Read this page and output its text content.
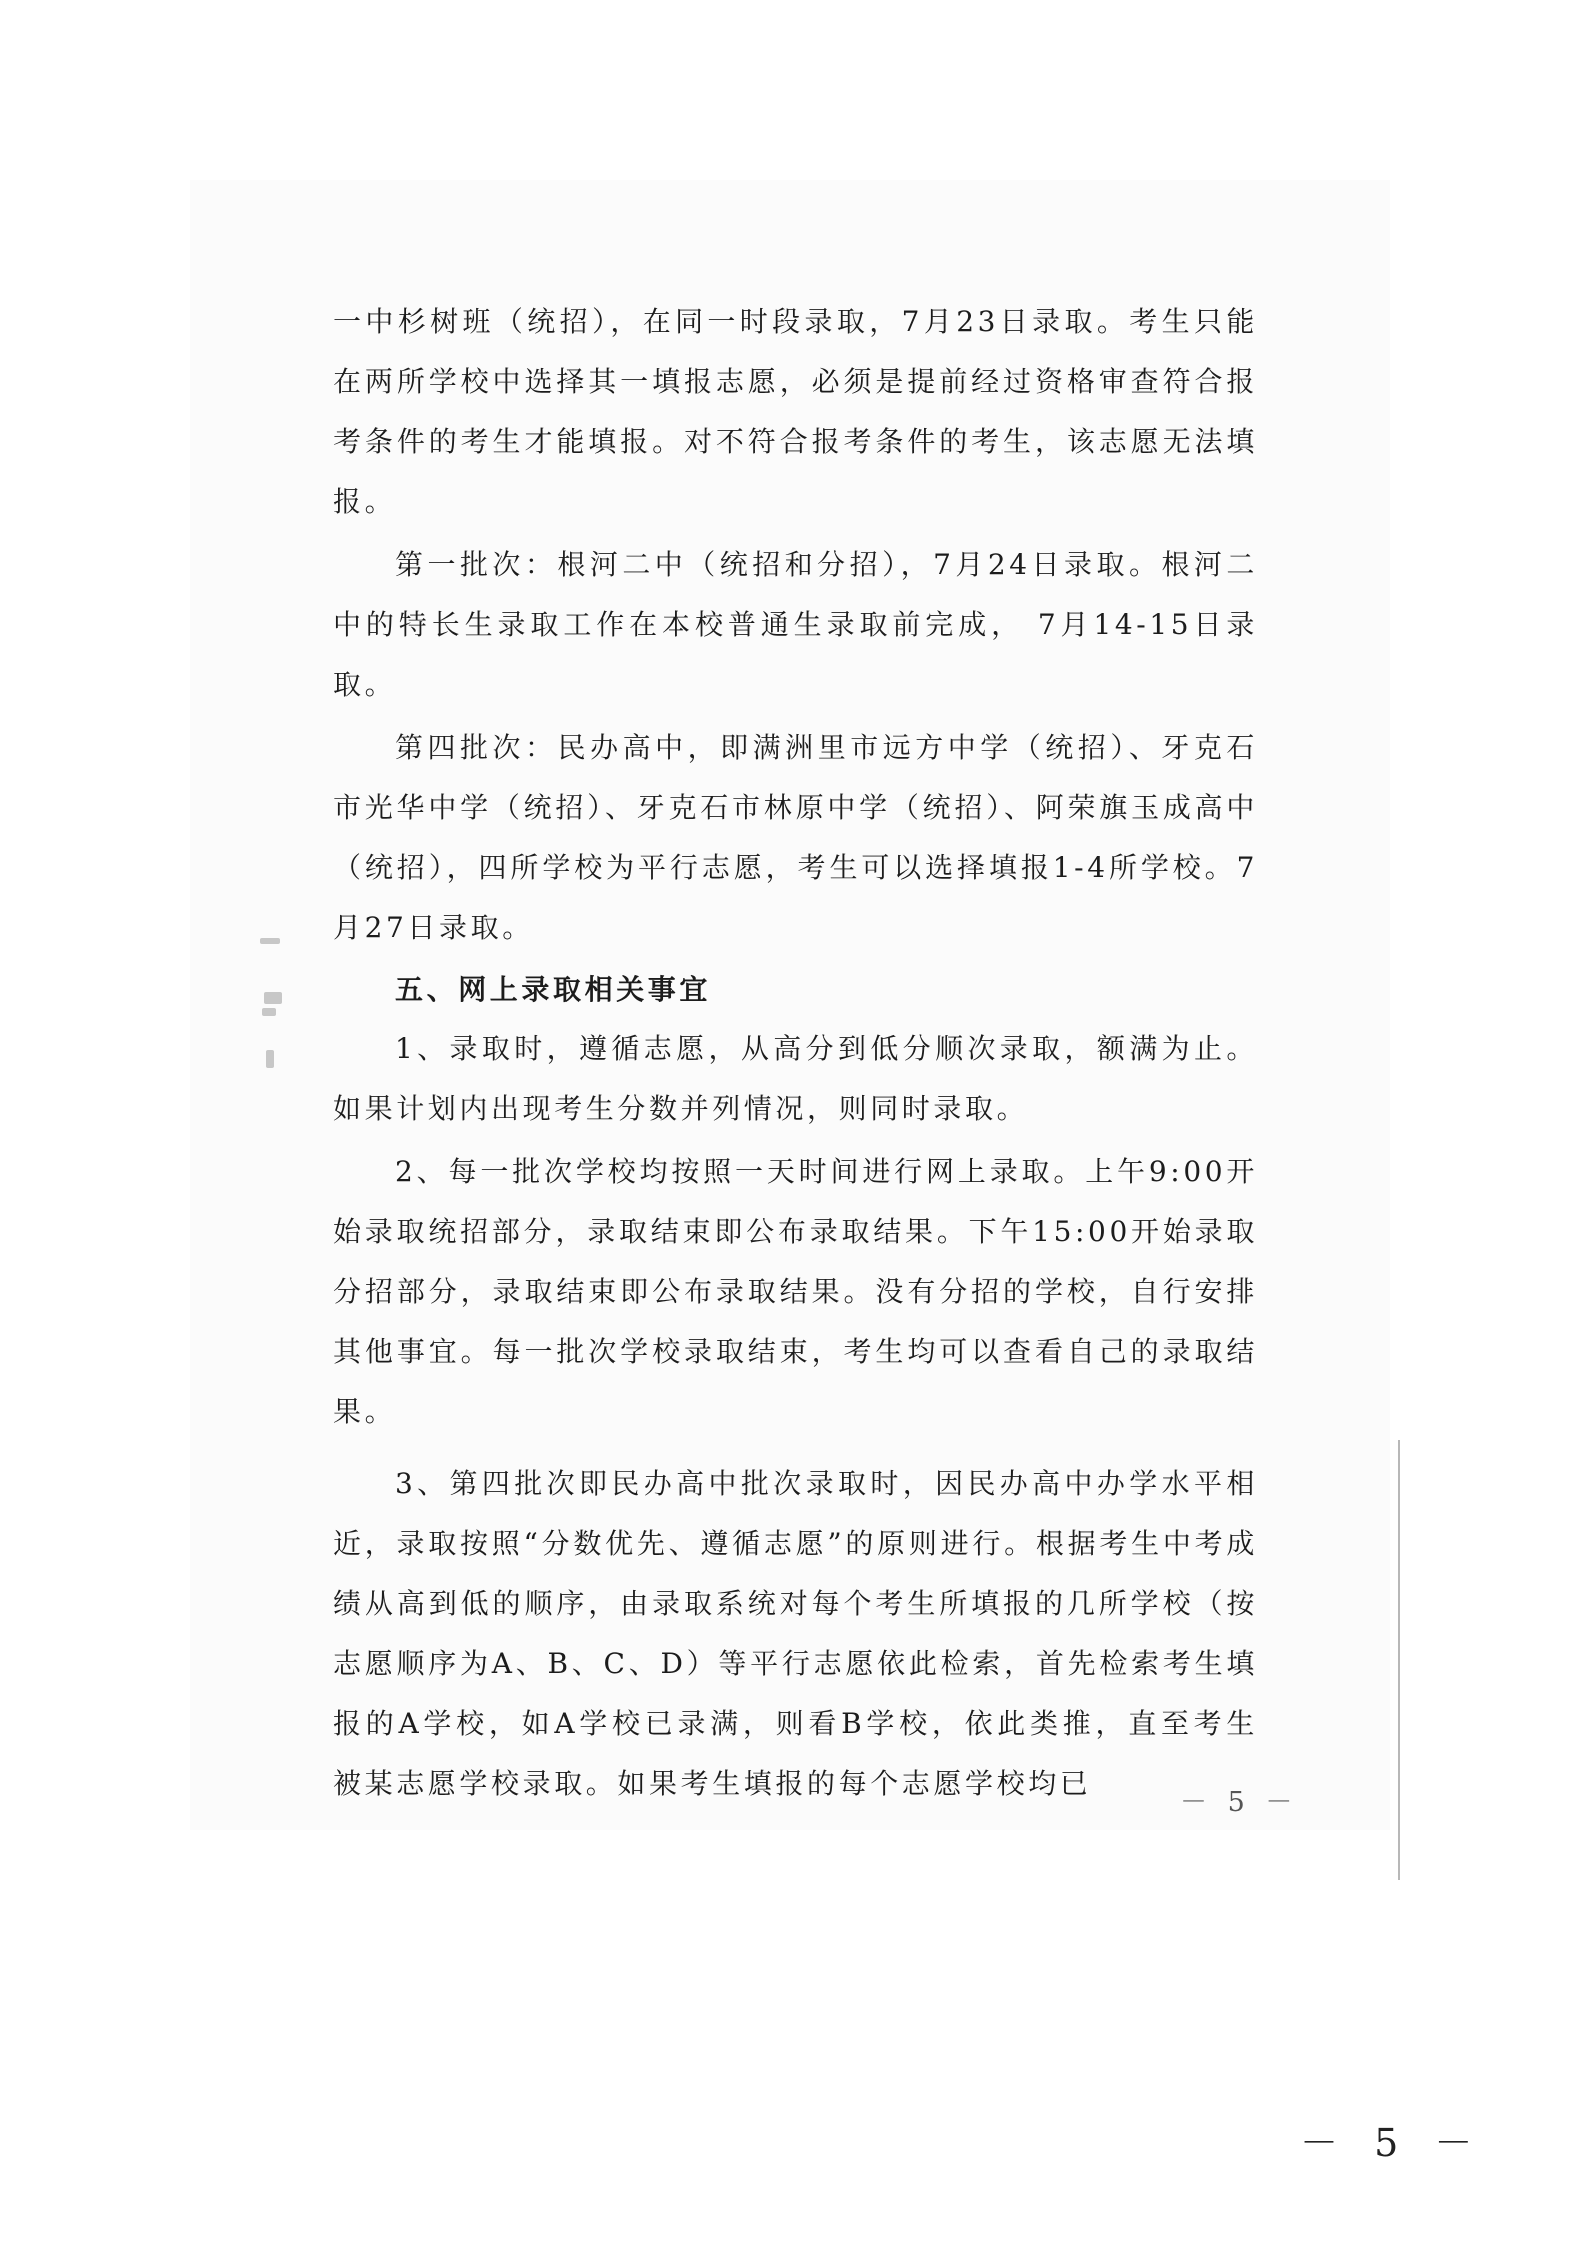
一中杉树班（统招），在同一时段录取，7月23日录取。考生只能在两所学校中选择其一填报志愿，必须是提前经过资格审查符合报考条件的考生才能填报。对不符合报考条件的考生，该志愿无法填报。

第一批次：根河二中（统招和分招），7月24日录取。根河二中的特长生录取工作在本校普通生录取前完成， 7月14-15日录取。

第四批次：民办高中，即满洲里市远方中学（统招）、牙克石市光华中学（统招）、牙克石市林原中学（统招）、阿荣旗玉成高中（统招），四所学校为平行志愿，考生可以选择填报1-4所学校。7月27日录取。

五、网上录取相关事宜

1、录取时，遵循志愿，从高分到低分顺次录取，额满为止。如果计划内出现考生分数并列情况，则同时录取。

2、每一批次学校均按照一天时间进行网上录取。上午9:00开始录取统招部分，录取结束即公布录取结果。下午15:00开始录取分招部分，录取结束即公布录取结果。没有分招的学校，自行安排其他事宜。每一批次学校录取结束，考生均可以查看自己的录取结果。

3、第四批次即民办高中批次录取时，因民办高中办学水平相近，录取按照“分数优先、遵循志愿”的原则进行。根据考生中考成绩从高到低的顺序，由录取系统对每个考生所填报的几所学校（按志愿顺序为A、B、C、D）等平行志愿依此检索，首先检索考生填报的A学校，如A学校已录满，则看B学校，依此类推，直至考生被某志愿学校录取。如果考生填报的每个志愿学校均已

－ 5 －
－ 5 －
